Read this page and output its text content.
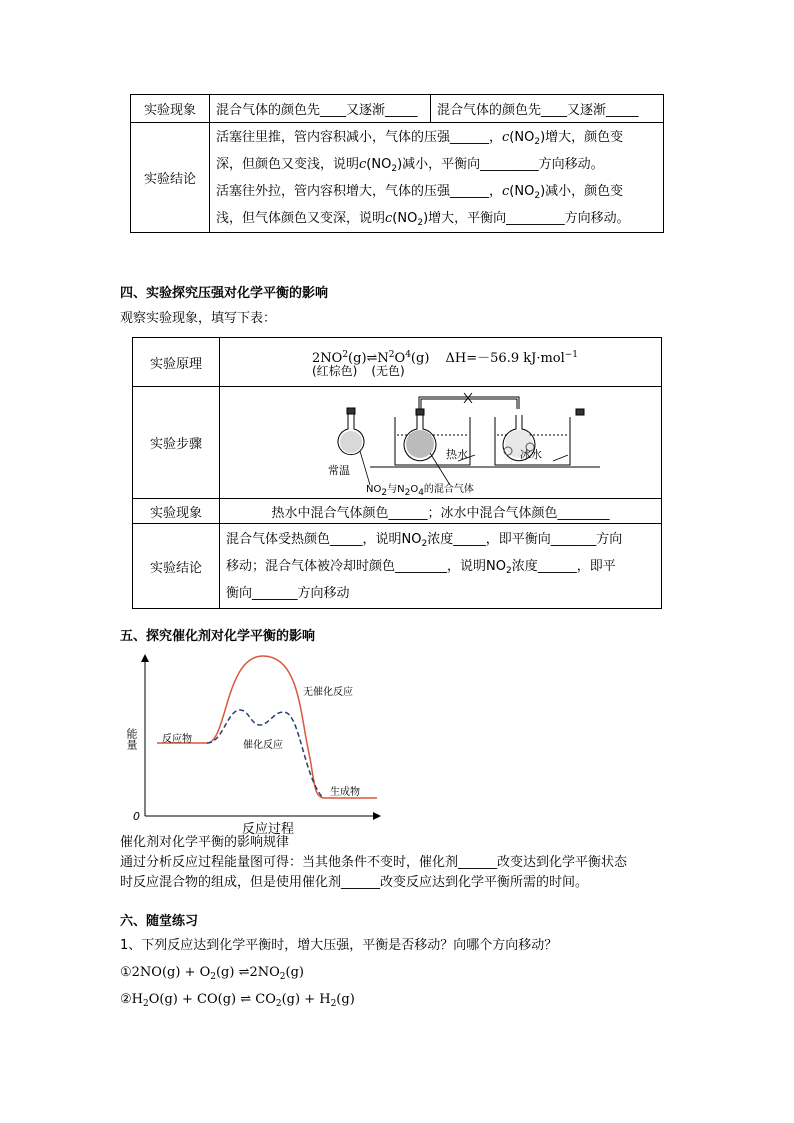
实验现象	混合气体的颜色先____又逐渐_____	混合气体的颜色先____又逐渐_____
实验结论	活塞往里推，管内容积减小，气体的压强______，$c(NO_2)$增大，颜色变
深，但颜色又变浅，说明$c(NO_2)$减小，平衡向_________方向移动。
活塞往外拉，管内容积增大，气体的压强______，$c(NO_2)$减小，颜色变
浅，但气体颜色又变深，说明$c(NO_2)$增大，平衡向_________方向移动。	
四、实验探究压强对化学平衡的影响
观察实验现象，填写下表：
实验原理	$2NO^2(g)\rightleftharpoons N^2O^4(g)$ ΔH=－56.9 kJ·mol$^{-1}$
(红棕色) (无色)

实验步骤	常温
热水 冰水
$NO_2$与$N_2O_4$的混合气体

实验现象	热水中混合气体颜色______；冰水中混合气体颜色________
实验结论	混合气体受热颜色_____，说明$NO_2$浓度_____，即平衡向_______方向
移动；混合气体被冷却时颜色________，说明$NO_2$浓度______，即平
衡向_______方向移动
五、探究催化剂对化学平衡的影响
能量
反应过程
0
反应物
生成物
无催化反应
催化反应
催化剂对化学平衡的影响规律
通过分析反应过程能量图可得：当其他条件不变时，催化剂______改变达到化学平衡状态
时反应混合物的组成，但是使用催化剂______改变反应达到化学平衡所需的时间。
六、随堂练习
1、下列反应达到化学平衡时，增大压强，平衡是否移动？向哪个方向移动？
①2NO(g) + $O_2(g)$ $\rightleftharpoons 2NO_2(g)$
$②H_2O(g) + CO(g)$ ⇌ $CO_2(g) + H_2(g)$
